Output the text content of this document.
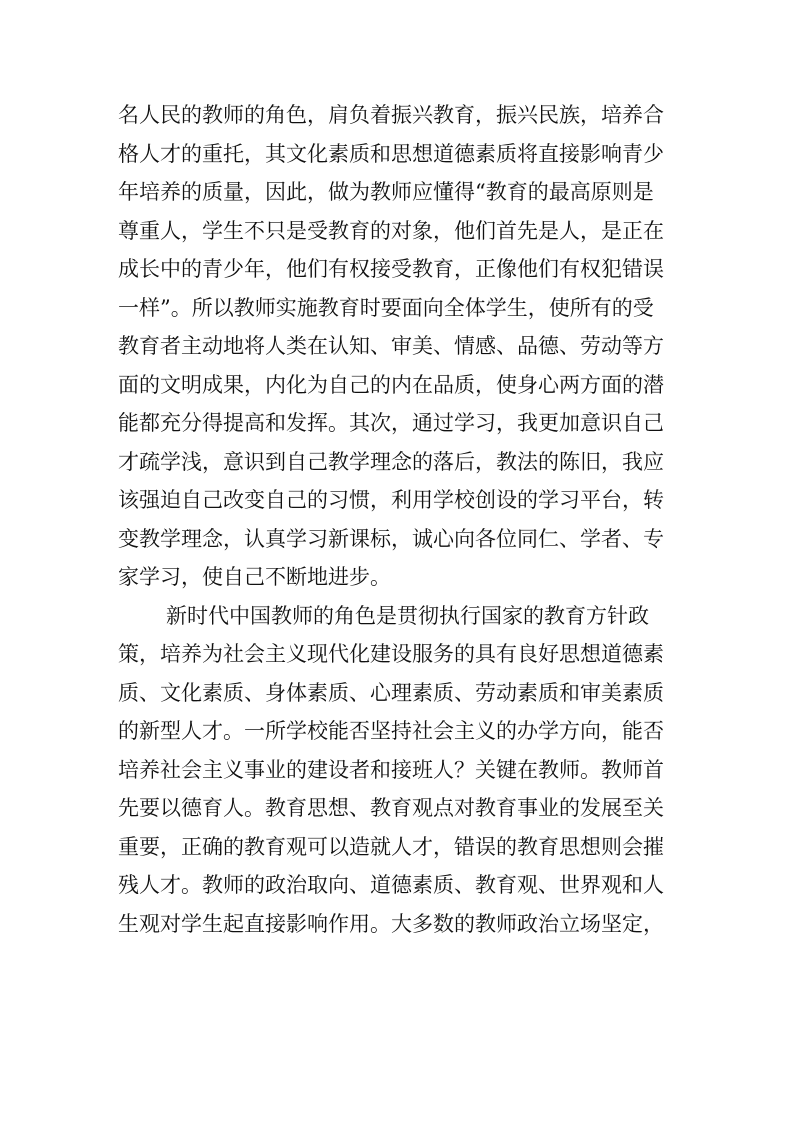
名人民的教师的角色，肩负着振兴教育，振兴民族，培养合
格人才的重托，其文化素质和思想道德素质将直接影响青少
年培养的质量，因此，做为教师应懂得“教育的最高原则是
尊重人，学生不只是受教育的对象，他们首先是人，是正在
成长中的青少年，他们有权接受教育，正像他们有权犯错误
一样”。所以教师实施教育时要面向全体学生，使所有的受
教育者主动地将人类在认知、审美、情感、品德、劳动等方
面的文明成果，内化为自己的内在品质，使身心两方面的潜
能都充分得提高和发挥。其次，通过学习，我更加意识自己
才疏学浅，意识到自己教学理念的落后，教法的陈旧，我应
该强迫自己改变自己的习惯，利用学校创设的学习平台，转
变教学理念，认真学习新课标，诚心向各位同仁、学者、专
家学习，使自己不断地进步。
新时代中国教师的角色是贯彻执行国家的教育方针政
策，培养为社会主义现代化建设服务的具有良好思想道德素
质、文化素质、身体素质、心理素质、劳动素质和审美素质
的新型人才。一所学校能否坚持社会主义的办学方向，能否
培养社会主义事业的建设者和接班人？关键在教师。教师首
先要以德育人。教育思想、教育观点对教育事业的发展至关
重要，正确的教育观可以造就人才，错误的教育思想则会摧
残人才。教师的政治取向、道德素质、教育观、世界观和人
生观对学生起直接影响作用。大多数的教师政治立场坚定，
